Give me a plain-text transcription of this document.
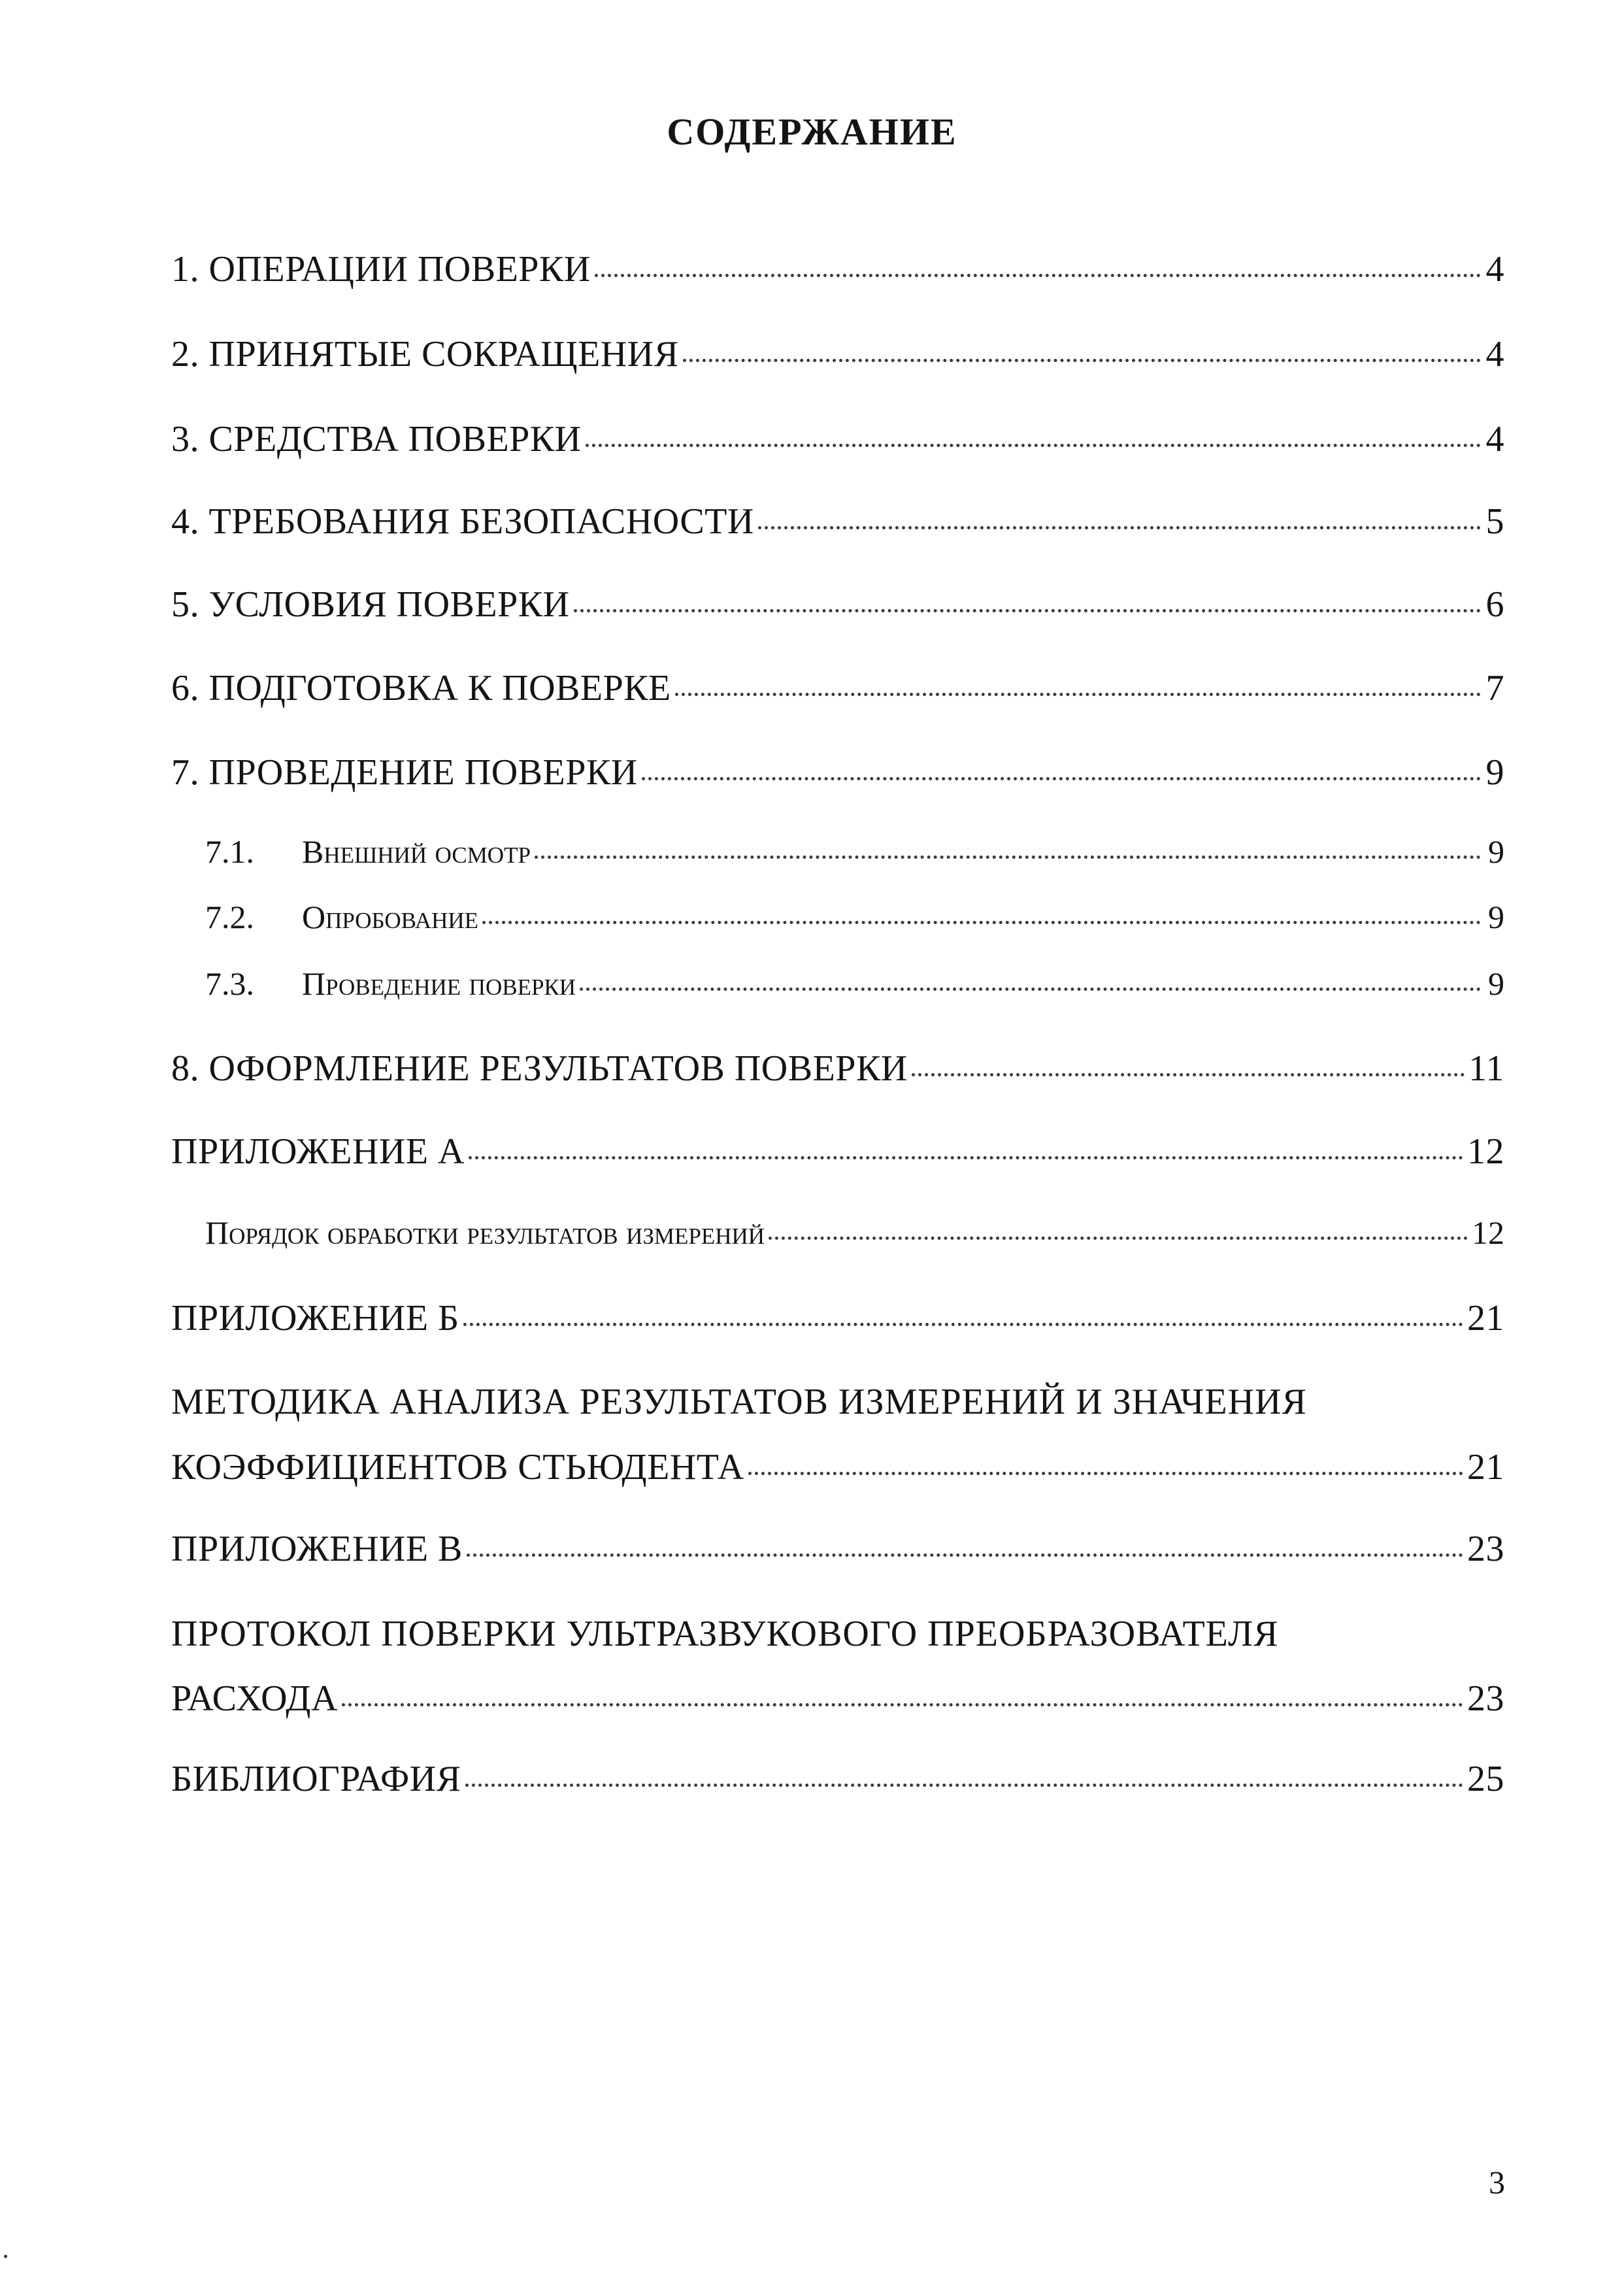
СОДЕРЖАНИЕ
1. ОПЕРАЦИИ ПОВЕРКИ	4
2. ПРИНЯТЫЕ СОКРАЩЕНИЯ	4
3. СРЕДСТВА ПОВЕРКИ	4
4. ТРЕБОВАНИЯ БЕЗОПАСНОСТИ	5
5. УСЛОВИЯ ПОВЕРКИ	6
6. ПОДГОТОВКА К ПОВЕРКЕ	7
7. ПРОВЕДЕНИЕ ПОВЕРКИ	9
7.1.	Внешний осмотр	9
7.2.	Опробование	9
7.3.	Проведение поверки	9
8. ОФОРМЛЕНИЕ РЕЗУЛЬТАТОВ ПОВЕРКИ	11
ПРИЛОЖЕНИЕ А	12
Порядок обработки результатов измерений	12
ПРИЛОЖЕНИЕ Б	21
МЕТОДИКА АНАЛИЗА РЕЗУЛЬТАТОВ ИЗМЕРЕНИЙ И ЗНАЧЕНИЯ
КОЭФФИЦИЕНТОВ СТЬЮДЕНТА	21
ПРИЛОЖЕНИЕ В	23
ПРОТОКОЛ ПОВЕРКИ УЛЬТРАЗВУКОВОГО ПРЕОБРАЗОВАТЕЛЯ
РАСХОДА	23
БИБЛИОГРАФИЯ	25
3
